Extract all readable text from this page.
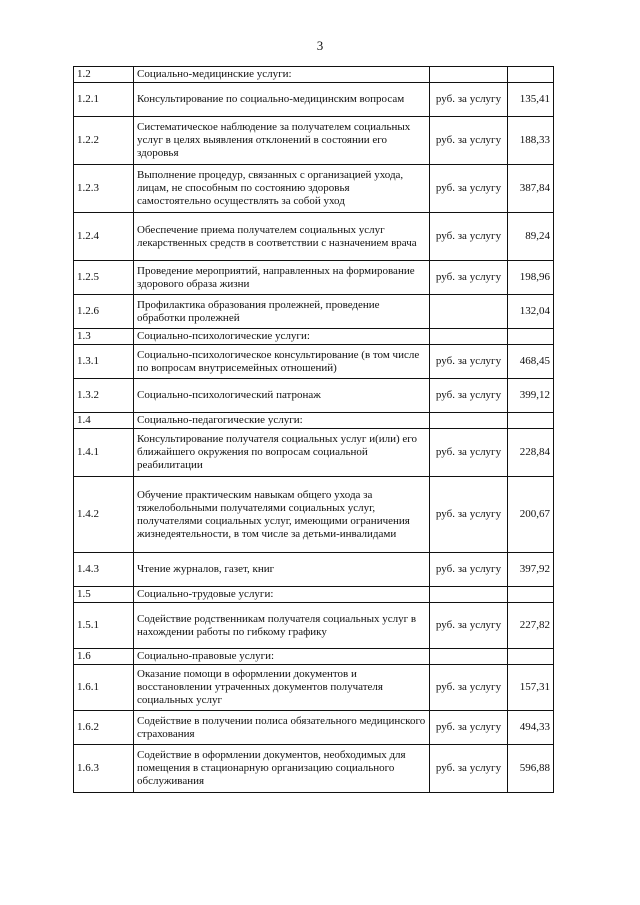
3
1.2	Социально-медицинские услуги:		
1.2.1	Консультирование по социально-медицинским вопросам	руб. за услугу	135,41
1.2.2	Систематическое наблюдение за получателем социальных услуг в целях выявления отклонений в состоянии его здоровья	руб. за услугу	188,33
1.2.3	Выполнение процедур, связанных с организацией ухода, лицам, не способным по состоянию здоровья самостоятельно осуществлять за собой уход	руб. за услугу	387,84
1.2.4	Обеспечение приема получателем социальных услуг лекарственных средств в соответствии с назначением врача	руб. за услугу	89,24
1.2.5	Проведение мероприятий, направленных на формирование здорового образа жизни	руб. за услугу	198,96
1.2.6	Профилактика образования пролежней, проведение обработки пролежней		132,04
1.3	Социально-психологические услуги:		
1.3.1	Социально-психологическое консультирование (в том числе по вопросам внутрисемейных отношений)	руб. за услугу	468,45
1.3.2	Социально-психологический патронаж	руб. за услугу	399,12
1.4	Социально-педагогические услуги:		
1.4.1	Консультирование получателя социальных услуг и(или) его ближайшего окружения по вопросам социальной реабилитации	руб. за услугу	228,84
1.4.2	Обучение практическим навыкам общего ухода за тяжелобольными получателями социальных услуг, получателями социальных услуг, имеющими ограничения жизнедеятельности, в том числе за детьми-инвалидами	руб. за услугу	200,67
1.4.3	Чтение журналов, газет, книг	руб. за услугу	397,92
1.5	Социально-трудовые услуги:		
1.5.1	Содействие родственникам получателя социальных услуг в нахождении работы по гибкому графику	руб. за услугу	227,82
1.6	Социально-правовые услуги:		
1.6.1	Оказание помощи в оформлении документов и восстановлении утраченных документов получателя социальных услуг	руб. за услугу	157,31
1.6.2	Содействие в получении полиса обязательного медицинского страхования	руб. за услугу	494,33
1.6.3	Содействие в оформлении документов, необходимых для помещения в стационарную организацию социального обслуживания	руб. за услугу	596,88
